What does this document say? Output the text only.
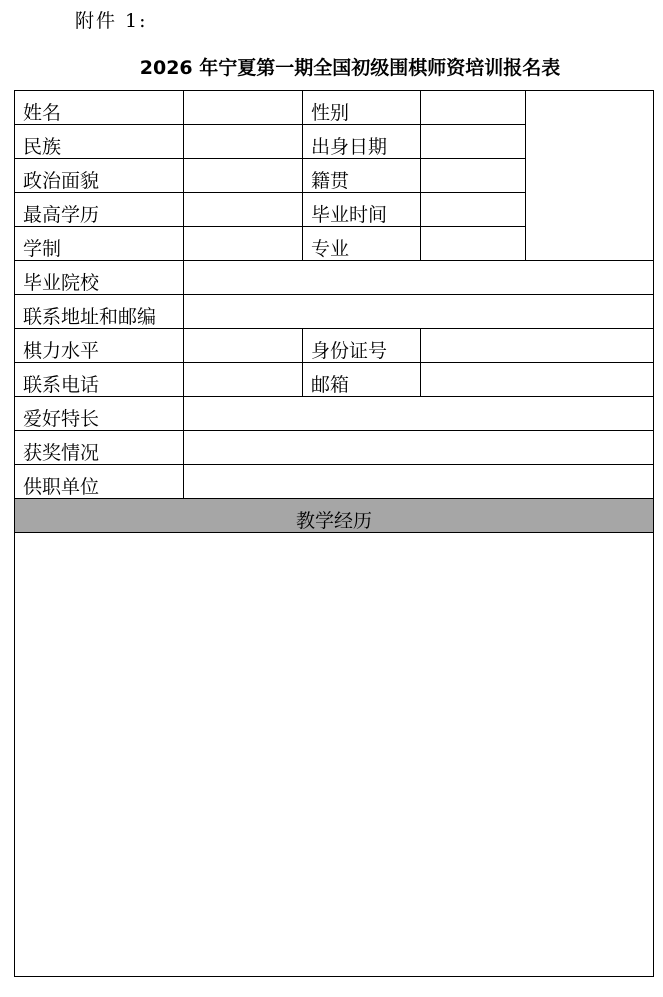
附件 1:
2026 年宁夏第一期全国初级围棋师资培训报名表
姓名		性别		
民族		出身日期		
政治面貌		籍贯		
最高学历		毕业时间		
学制		专业		
毕业院校				
联系地址和邮编				
棋力水平		身份证号		
联系电话		邮箱		
爱好特长				
获奖情况				
供职单位				
教学经历				
